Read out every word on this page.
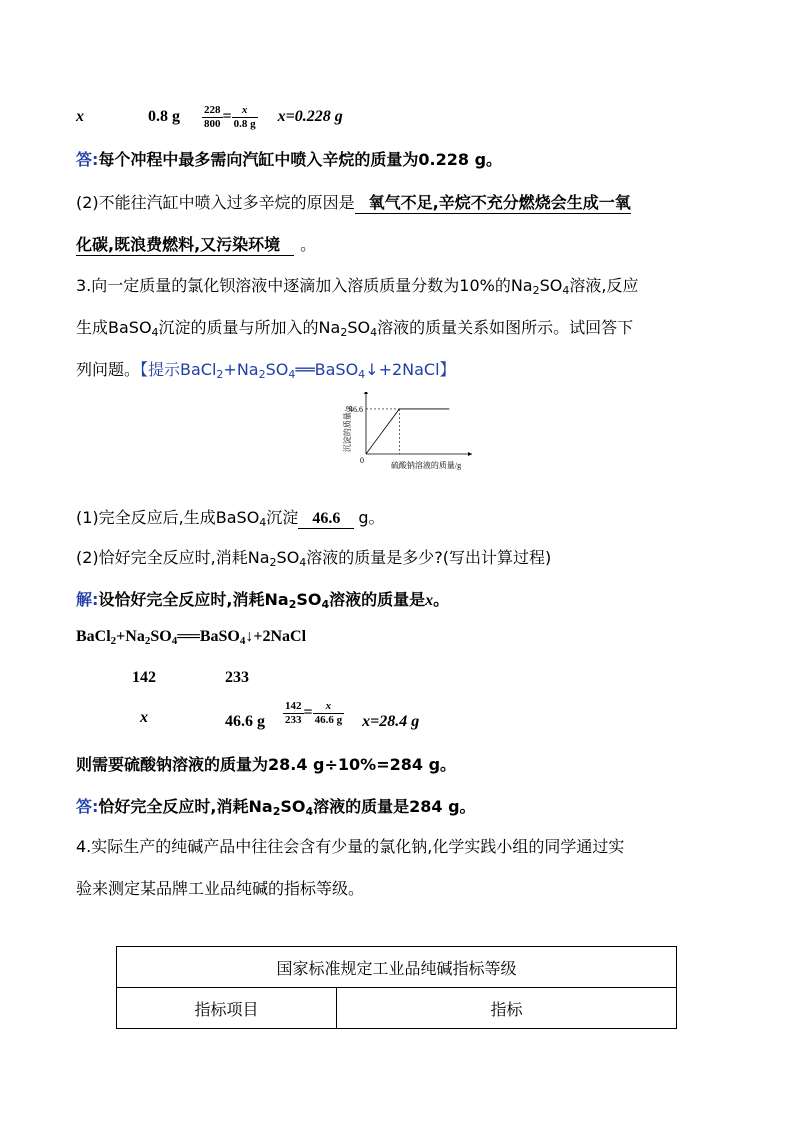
x	0.8 g $\frac{228}{800} = \frac{x}{0.8 g} x=0.228$ g
答:每个冲程中最多需向汽缸中喷入辛烷的质量为0.228 g。
(2)不能往汽缸中喷入过多辛烷的原因是 氧气不足,辛烷不充分燃烧会生成一氧
化碳,既浪费燃料,又污染环境 。
3.向一定质量的氯化钡溶液中逐滴加入溶质质量分数为10%的$Na_2SO_4$溶液,反应
生成BaSO$_4$沉淀的质量与所加入的$Na_2SO_4$溶液的质量关系如图所示。试回答下
列问题。【提示$BaCl_2+Na_2SO_4══BaSO_4↓+2NaCl$】
46.6
0
硫酸钠溶液的质量/g
沉淀的质量/g
(1)完全反应后,生成BaSO$_4$沉淀 46.6 g。
(2)恰好完全反应时,消耗$Na_2SO_4$溶液的质量是多少?(写出计算过程)
解:设恰好完全反应时,消耗$Na_2SO_4$溶液的质量是x。
$BaCl_2+Na_2SO_4══BaSO_4↓+2NaCl$
142	233
x	46.6 g $\frac{142}{233} = \frac{x}{46.6 g} x=28.4$ g
则需要硫酸钠溶液的质量为28.4 g÷10%=284 g。
答:恰好完全反应时,消耗$Na_2SO_4$溶液的质量是284 g。
4.实际生产的纯碱产品中往往会含有少量的氯化钠,化学实践小组的同学通过实
验来测定某品牌工业品纯碱的指标等级。
国家标准规定工业品纯碱指标等级
指标项目	指标
